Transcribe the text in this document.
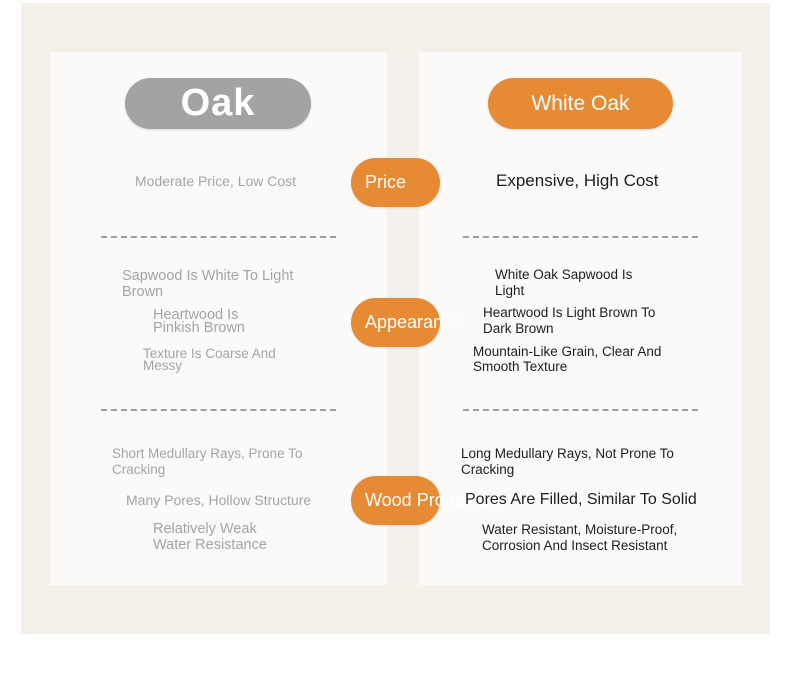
Oak	White Oak
Price
Appearance
Wood Properties
Moderate Price, Low Cost	Expensive, High Cost
Sapwood Is White To Light Brown
Heartwood Is Pinkish Brown
Texture Is Coarse And Messy
White Oak Sapwood Is Light
Heartwood Is Light Brown To Dark Brown
Mountain-Like Grain, Clear And Smooth Texture
Short Medullary Rays, Prone To Cracking
Many Pores, Hollow Structure
Relatively Weak Water Resistance
Long Medullary Rays, Not Prone To Cracking
Pores Are Filled, Similar To Solid
Water Resistant, Moisture-Proof, Corrosion And Insect Resistant
